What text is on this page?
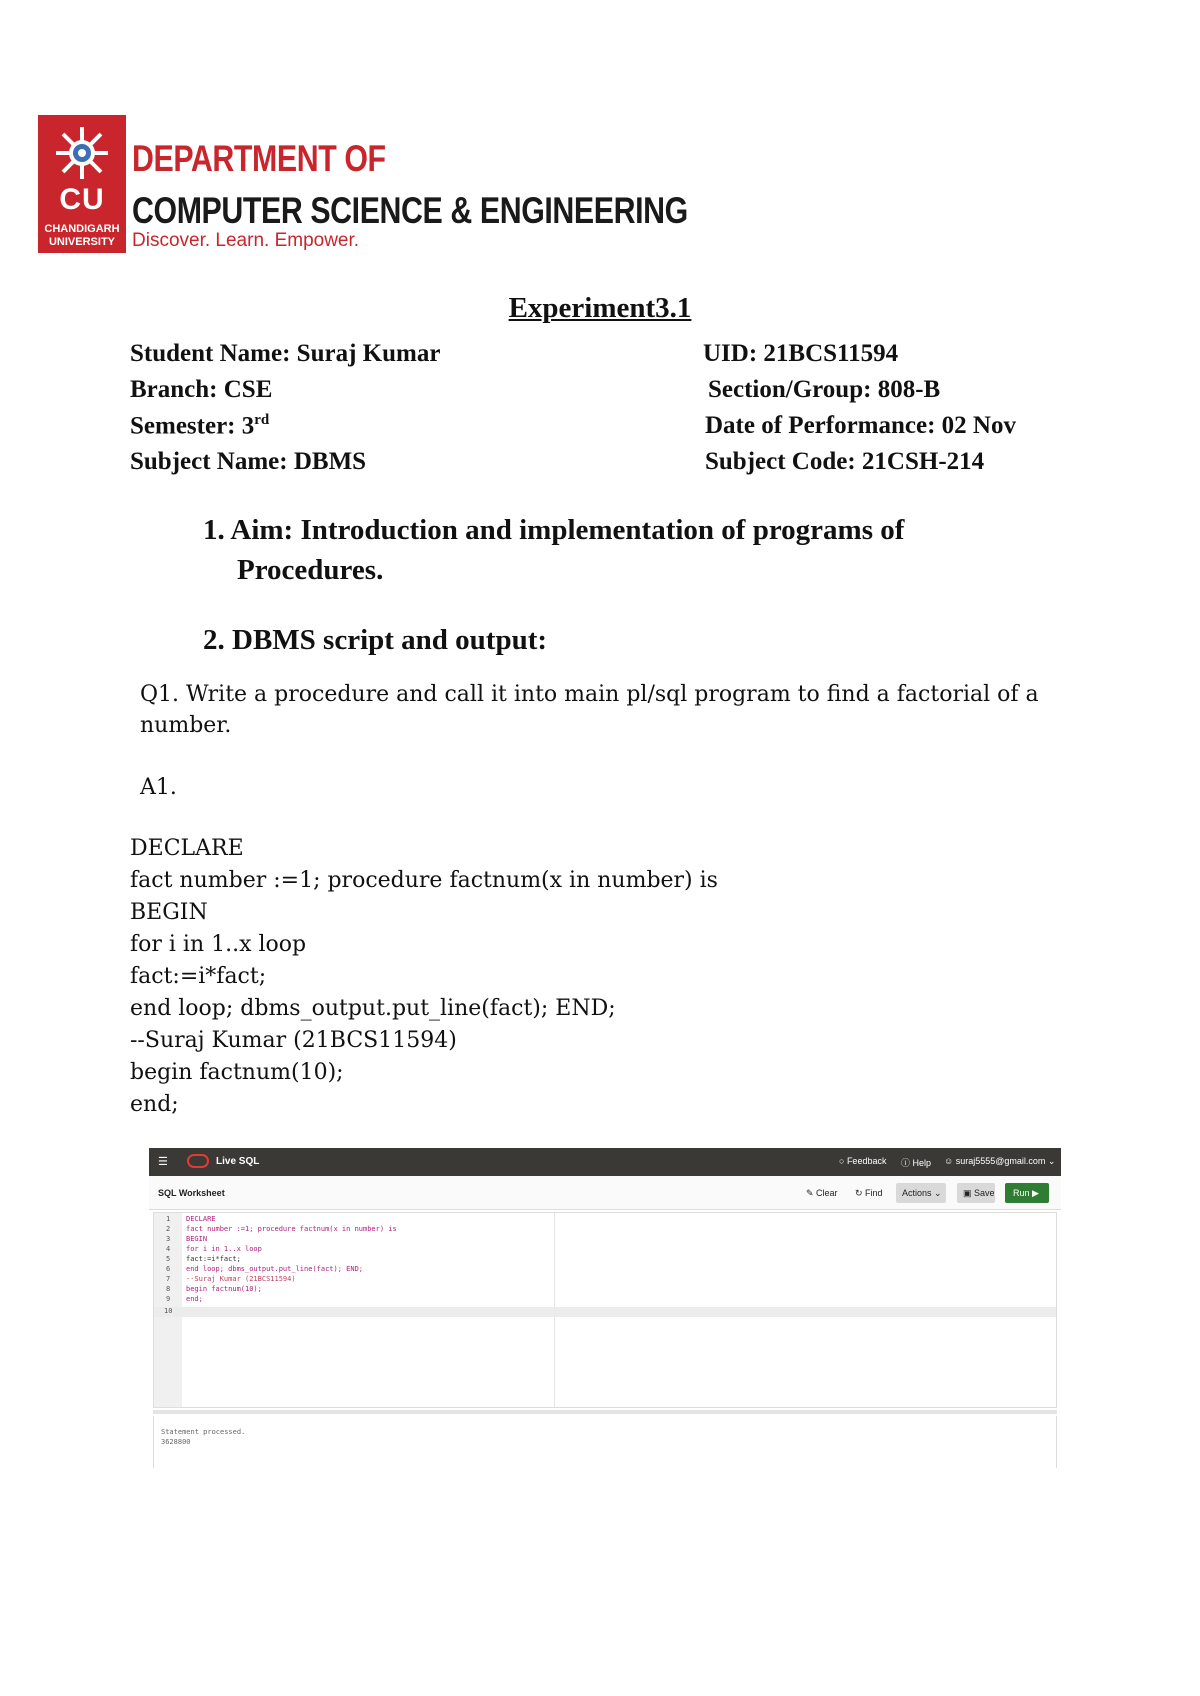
CU
CHANDIGARH
UNIVERSITY
DEPARTMENT OF
COMPUTER SCIENCE & ENGINEERING
Discover. Learn. Empower.
Experiment3.1
Student Name: Suraj Kumar	UID: 21BCS11594
Branch: CSE	Section/Group: 808-B
Semester: 3rd	Date of Performance: 02 Nov
Subject Name: DBMS	Subject Code: 21CSH-214
1. Aim: Introduction and implementation of programs of
Procedures.
2. DBMS script and output:
Q1. Write a procedure and call it into main pl/sql program to find a factorial of a
number.
A1.
DECLARE
fact number :=1; procedure factnum(x in number) is
BEGIN
for i in 1..x loop
fact:=i*fact;
end loop; dbms_output.put_line(fact); END;
--Suraj Kumar (21BCS11594)
begin factnum(10);
end;
☰	Live SQL	○ Feedback ⓘ Help ☺ suraj5555@gmail.com ⌄
SQL Worksheet	✎ Clear ↻ Find	Actions ⌄	▣ Save	Run ▶
1
2
3
4
5
6
7
8
9
10
DECLARE
fact number :=1; procedure factnum(x in number) is
BEGIN
for i in 1..x loop
fact:=i*fact;
end loop; dbms_output.put_line(fact); END;
--Suraj Kumar (21BCS11594)
begin factnum(10);
end;
Statement processed.
3628800
